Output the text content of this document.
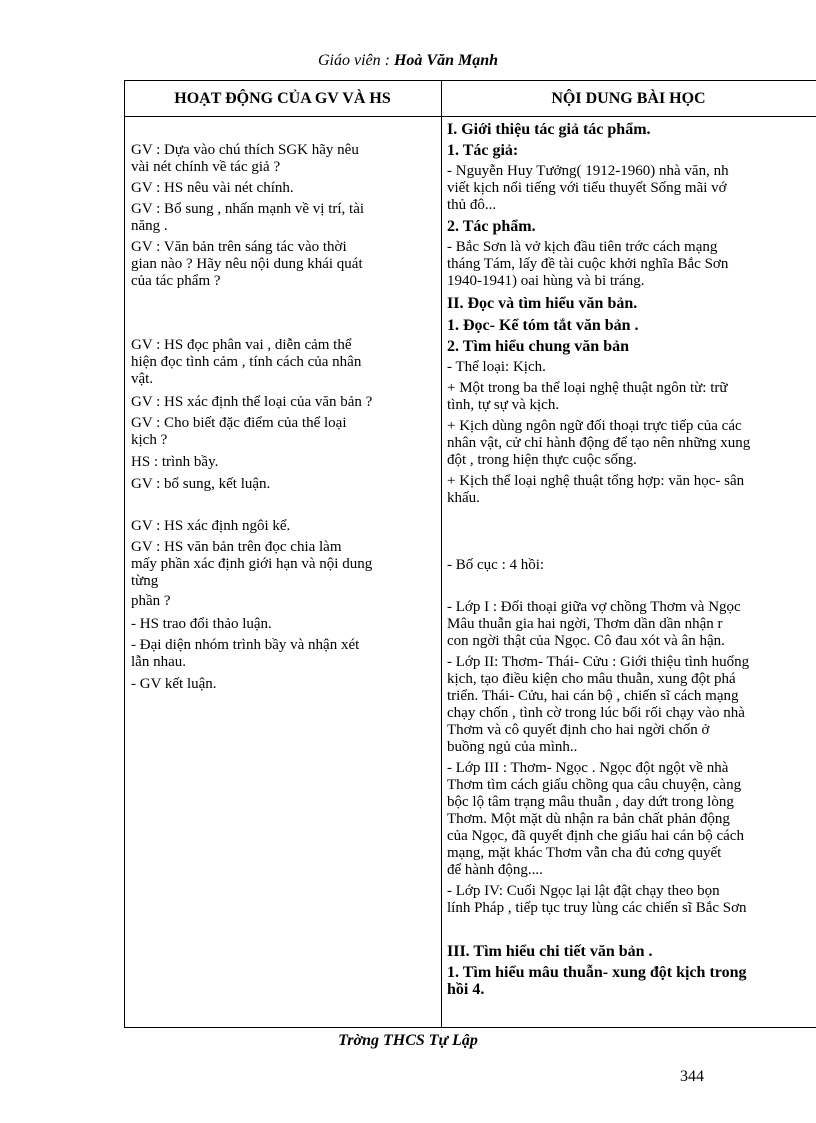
Giáo viên : Hoà Văn Mạnh
HOẠT ĐỘNG CỦA GV VÀ HS	NỘI DUNG BÀI HỌC

GV : Dựa vào chú thích SGK hãy nêu

vài nét chính về tác giả ?

GV : HS nêu vài nét chính.

GV : Bổ sung , nhấn mạnh về vị trí, tài

năng .

GV : Văn bản trên sáng tác vào thời

gian nào ? Hãy nêu nội dung khái quát

của tác phẩm ?

GV : HS đọc phân vai , diễn cảm thể

hiện đọc tình cảm , tính cách của nhân

vật.

GV : HS xác định thể loại của văn bản ?

GV : Cho biết đặc điểm của thể loại

kịch ?

HS : trình bầy.

GV : bổ sung, kết luận.

GV : HS xác định ngôi kể.

GV : HS văn bản trên đọc chia làm

mấy phần xác định giới hạn và nội dung

từng

phần ?

- HS trao đổi thảo luận.

- Đại diện nhóm trình bầy và nhận xét

lẫn nhau.

- GV kết luận.

I. Giới thiệu tác giả tác phẩm.

1. Tác giả:

- Nguyễn Huy Tưởng( 1912-1960) nhà văn, nh

viết kịch nổi tiếng với tiểu thuyết Sống mãi vớ

thủ đô...

2. Tác phẩm.

- Bắc Sơn là vở kịch đầu tiên trớc cách mạng

tháng Tám, lấy đề tài cuộc khởi nghĩa Bắc Sơn

1940-1941) oai hùng và bi tráng.

II. Đọc và tìm hiểu văn bản.

1. Đọc- Kể tóm tắt văn bản .

2. Tìm hiểu chung văn bản

- Thể loại: Kịch.

+ Một trong ba thể loại nghệ thuật ngôn từ: trữ

tình, tự sự và kịch.

+ Kịch dùng ngôn ngữ đối thoại trực tiếp của các

nhân vật, cử chỉ hành động để tạo nên những xung

đột , trong hiện thực cuộc sống.

+ Kịch thể loại nghệ thuật tổng hợp: văn học- sân

khấu.

- Bố cục : 4 hồi:

- Lớp I : Đối thoại giữa vợ chồng Thơm và Ngọc

Mâu thuẫn gia hai ngời, Thơm dần dần nhận r

con ngời thật của Ngọc. Cô đau xót và ân hận.

- Lớp II: Thơm- Thái- Cửu : Giới thiệu tình huống

kịch, tạo điều kiện cho mâu thuẫn, xung đột phá

triển. Thái- Cửu, hai cán bộ , chiến sĩ cách mạng

chạy chốn , tình cờ trong lúc bối rối chạy vào nhà

Thơm và cô quyết định cho hai ngời chốn ở

buồng ngủ của mình..

- Lớp III : Thơm- Ngọc . Ngọc đột ngột về nhà

Thơm tìm cách giấu chồng qua câu chuyện, càng

bộc lộ tâm trạng mâu thuẫn , day dứt trong lòng

Thơm. Một mặt dù nhận ra bản chất phản động

của Ngọc, đã quyết định che giấu hai cán bộ cách

mạng, mặt khác Thơm vẫn cha đủ cơng quyết

để hành động....

- Lớp IV: Cuối Ngọc lại lật đật chạy theo bọn

lính Pháp , tiếp tục truy lùng các chiến sĩ Bắc Sơn

III. Tìm hiểu chi tiết văn bản .

1. Tìm hiểu mâu thuẫn- xung đột kịch trong

hồi 4.

Trờng THCS Tự Lập
344
